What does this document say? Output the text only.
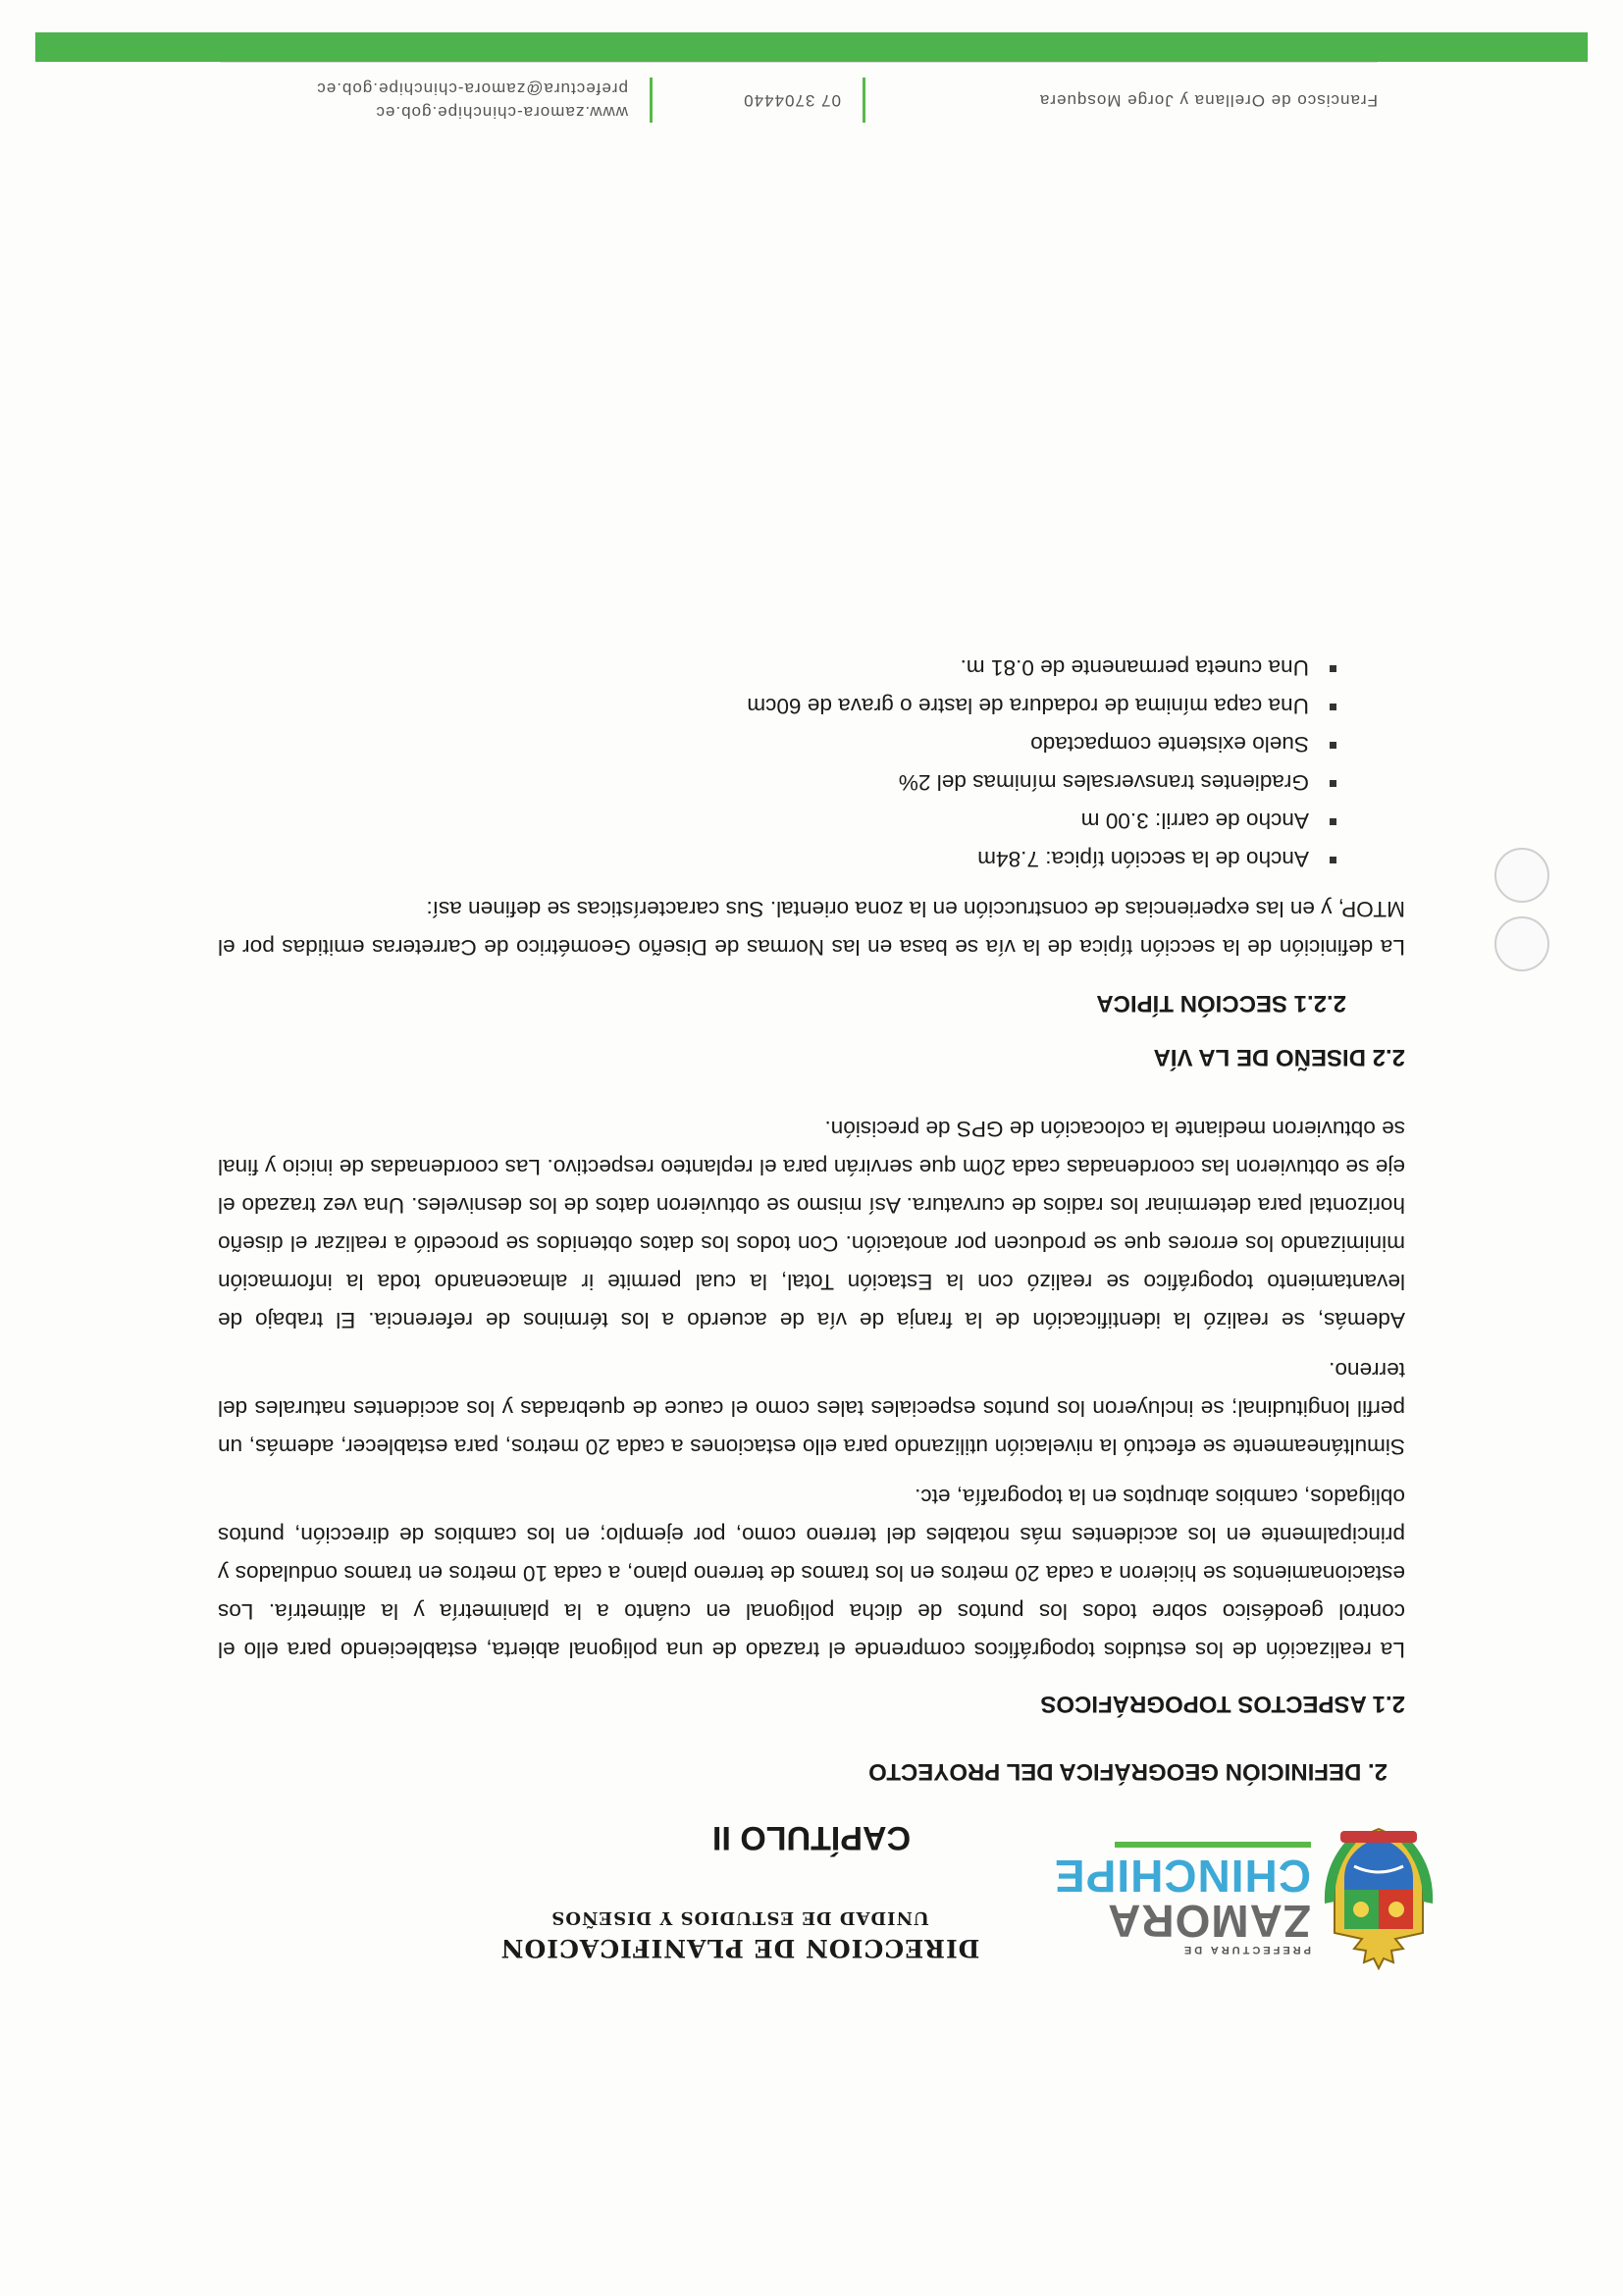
PREFECTURA DE
ZAMORA
CHINCHIPE
DIRECCION DE PLANIFICACION
UNIDAD DE ESTUDIOS Y DISEÑOS
CAPÍTULO II
2. DEFINICIÓN GEOGRÁFICA DEL PROYECTO
2.1 ASPECTOS TOPOGRÁFICOS

La realización de los estudios topográficos comprende el trazado de una poligonal abierta, estableciendo para ello el control geodésico sobre todos los puntos de dicha poligonal en cuánto a la planimetría y la altimetría. Los estacionamientos se hicieron a cada 20 metros en los tramos de terreno plano, a cada 10 metros en tramos ondulados y principalmente en los accidentes más notables del terreno como, por ejemplo; en los cambios de dirección, puntos obligados, cambios abruptos en la topografía, etc.

Simultáneamente se efectuó la nivelación utilizando para ello estaciones a cada 20 metros, para establecer, además, un perfil longitudinal; se incluyeron los puntos especiales tales como el cauce de quebradas y los accidentes naturales del terreno.

Además, se realizó la identificación de la franja de vía de acuerdo a los términos de referencia. El trabajo de levantamiento topográfico se realizó con la Estación Total, la cual permite ir almacenando toda la información minimizando los errores que se producen por anotación. Con todos los datos obtenidos se procedió a realizar el diseño horizontal para determinar los radios de curvatura. Así mismo se obtuvieron datos de los desniveles. Una vez trazado el eje se obtuvieron las coordenadas cada 20m que servirán para el replanteo respectivo. Las coordenadas de inicio y final se obtuvieron mediante la colocación de GPS de precisión.

2.2 DISEÑO DE LA VÍA
2.2.1 SECCIÓN TÍPICA

La definición de la sección típica de la vía se basa en las Normas de Diseño Geométrico de Carreteras emitidas por el MTOP, y en las experiencias de construcción en la zona oriental. Sus características se definen así:

Ancho de la sección típica: 7.84m
Ancho de carril: 3.00 m
Gradientes transversales mínimas del 2%
Suelo existente compactado
Una capa mínima de rodadura de lastre o grava de 60cm
Una cuneta permanente de 0.81 m.
Francisco de Orellana y Jorge Mosquera
07 3704440
www.zamora-chinchipe.gob.ec
prefectura@zamora-chinchipe.gob.ec
